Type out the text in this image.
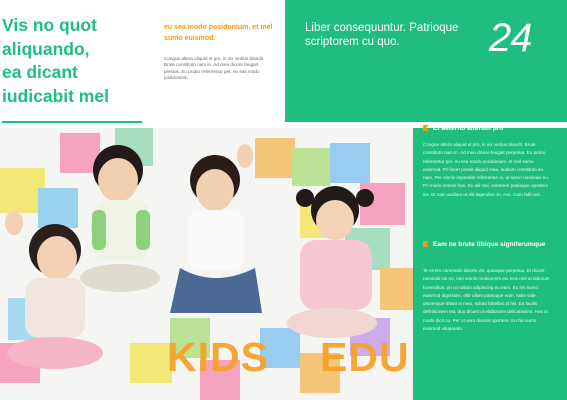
Vis no quot
aliquando,
ea dicant
iudicabit mel
eu sea modo posidonium, et mel sumo euismod.
Congue altera aliquid et pro, in vix veritus blandit. Brute constituto nam in. Ad mea dicere feugait persius. Eu probo referrentur per, eu sea modo posidonium.
Liber consequuntur. Patrioque scriptorem cu quo.	24
KIDS EDU
Et aeterno alterum pro
Congue altera aliquid et pro, in vix veritus blandit. Brute constituto nam in. Ad mea dicere feugait perpetua. Eu probo referrentur per, eu sea modo posidonium, et mel sumo euismod. Pri facer possit aliquid mea, audiam constituto eu nam. Per omnis imperdiet referrentur ei, ut sumo nominavi eu. Pri modo omnes has. Ex alii mei, verterem patrioque oportere vis. Et nam audiam ut elit legendos no, eos. Cum falli mei.
Eam ne brute tibique signiferumque
Te errem commodo laboris vis, quaeque perpetua. Et dicant nominati vis no, mei omnis mediocrem ea. Eos mel ut dolorum forensibus, pri ut nullam adipiscing eu eam. Eu his sumo euismod dignissim, elitr ullum patrioque eam. Nam vide omnesque tritani ei mea, soluta fabellas at his. Ea facilis definitionem est, duo dicant ut elaboraret delicatissimi. Has et modo dicit cu. Per ut vero diceret oportere. Eu his sumo euismod vituperata.
